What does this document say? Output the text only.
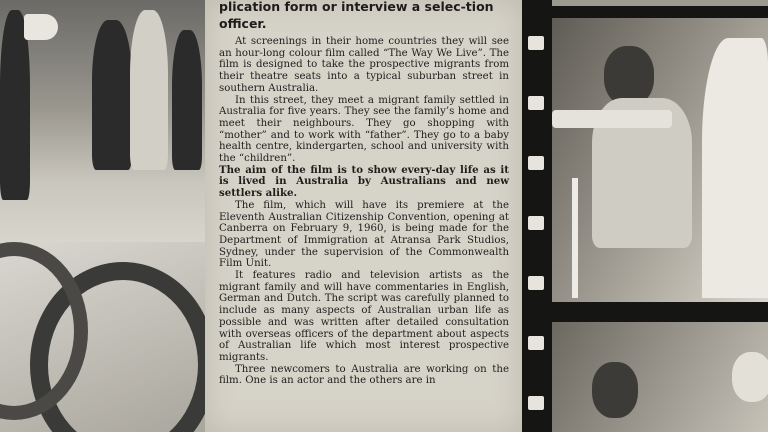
plication form or interview a selec-tion officer.

At screenings in their home countries they will see an hour-long colour film called “The Way We Live”. The film is designed to take the prospective migrants from their theatre seats into a typical suburban street in southern Australia.

In this street, they meet a migrant family settled in Australia for five years. They see the family’s home and meet their neighbours. They go shopping with “mother” and to work with “father”. They go to a baby health centre, kindergarten, school and university with the “children”.

The aim of the film is to show every-day life as it is lived in Australia by Australians and new settlers alike.

The film, which will have its premiere at the Eleventh Australian Citizenship Convention, opening at Canberra on February 9, 1960, is being made for the Department of Immigration at Atransa Park Studios, Sydney, under the supervision of the Commonwealth Film Unit.

It features radio and television artists as the migrant family and will have commentaries in English, German and Dutch. The script was carefully planned to include as many aspects of Australian urban life as possible and was written after detailed consultation with overseas officers of the department about aspects of Australian life which most interest prospective migrants.

Three newcomers to Australia are working on the film. One is an actor and the others are in
